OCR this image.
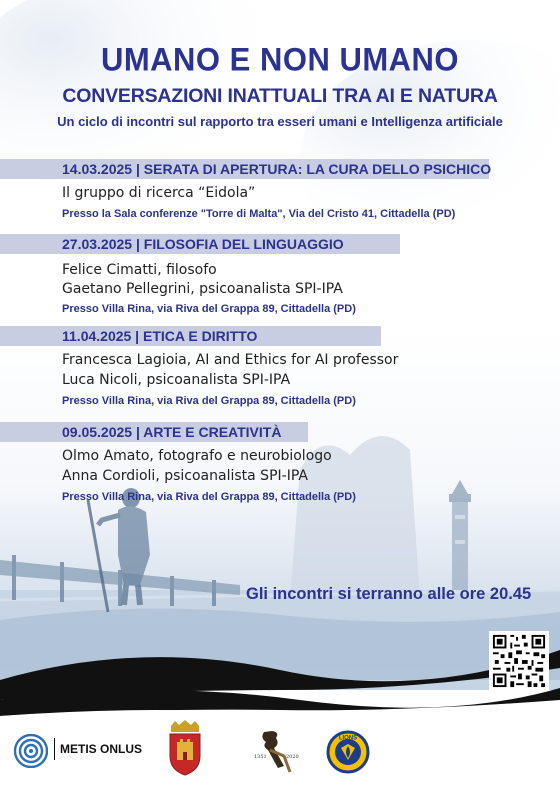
UMANO E NON UMANO
CONVERSAZIONI INATTUALI TRA AI E NATURA
Un ciclo di incontri sul rapporto tra esseri umani e Intelligenza artificiale
14.03.2025 | SERATA DI APERTURA: LA CURA DELLO PSICHICO
Il gruppo di ricerca “Eidola”
Presso la Sala conferenze "Torre di Malta", Via del Cristo 41, Cittadella (PD)
27.03.2025 | FILOSOFIA DEL LINGUAGGIO
Felice Cimatti, filosofo
Gaetano Pellegrini, psicoanalista SPI-IPA
Presso Villa Rina, via Riva del Grappa 89, Cittadella (PD)
11.04.2025 | ETICA E DIRITTO
Francesca Lagioia, AI and Ethics for AI professor
Luca Nicoli, psicoanalista SPI-IPA
Presso Villa Rina, via Riva del Grappa 89, Cittadella (PD)
09.05.2025 | ARTE E CREATIVITÀ
Olmo Amato, fotografo e neurobiologo
Anna Cordioli, psicoanalista SPI-IPA
Presso Villa Rina, via Riva del Grappa 89, Cittadella (PD)
Gli incontri si terranno alle ore 20.45
METIS ONLUS
1351	2020
LIONS
